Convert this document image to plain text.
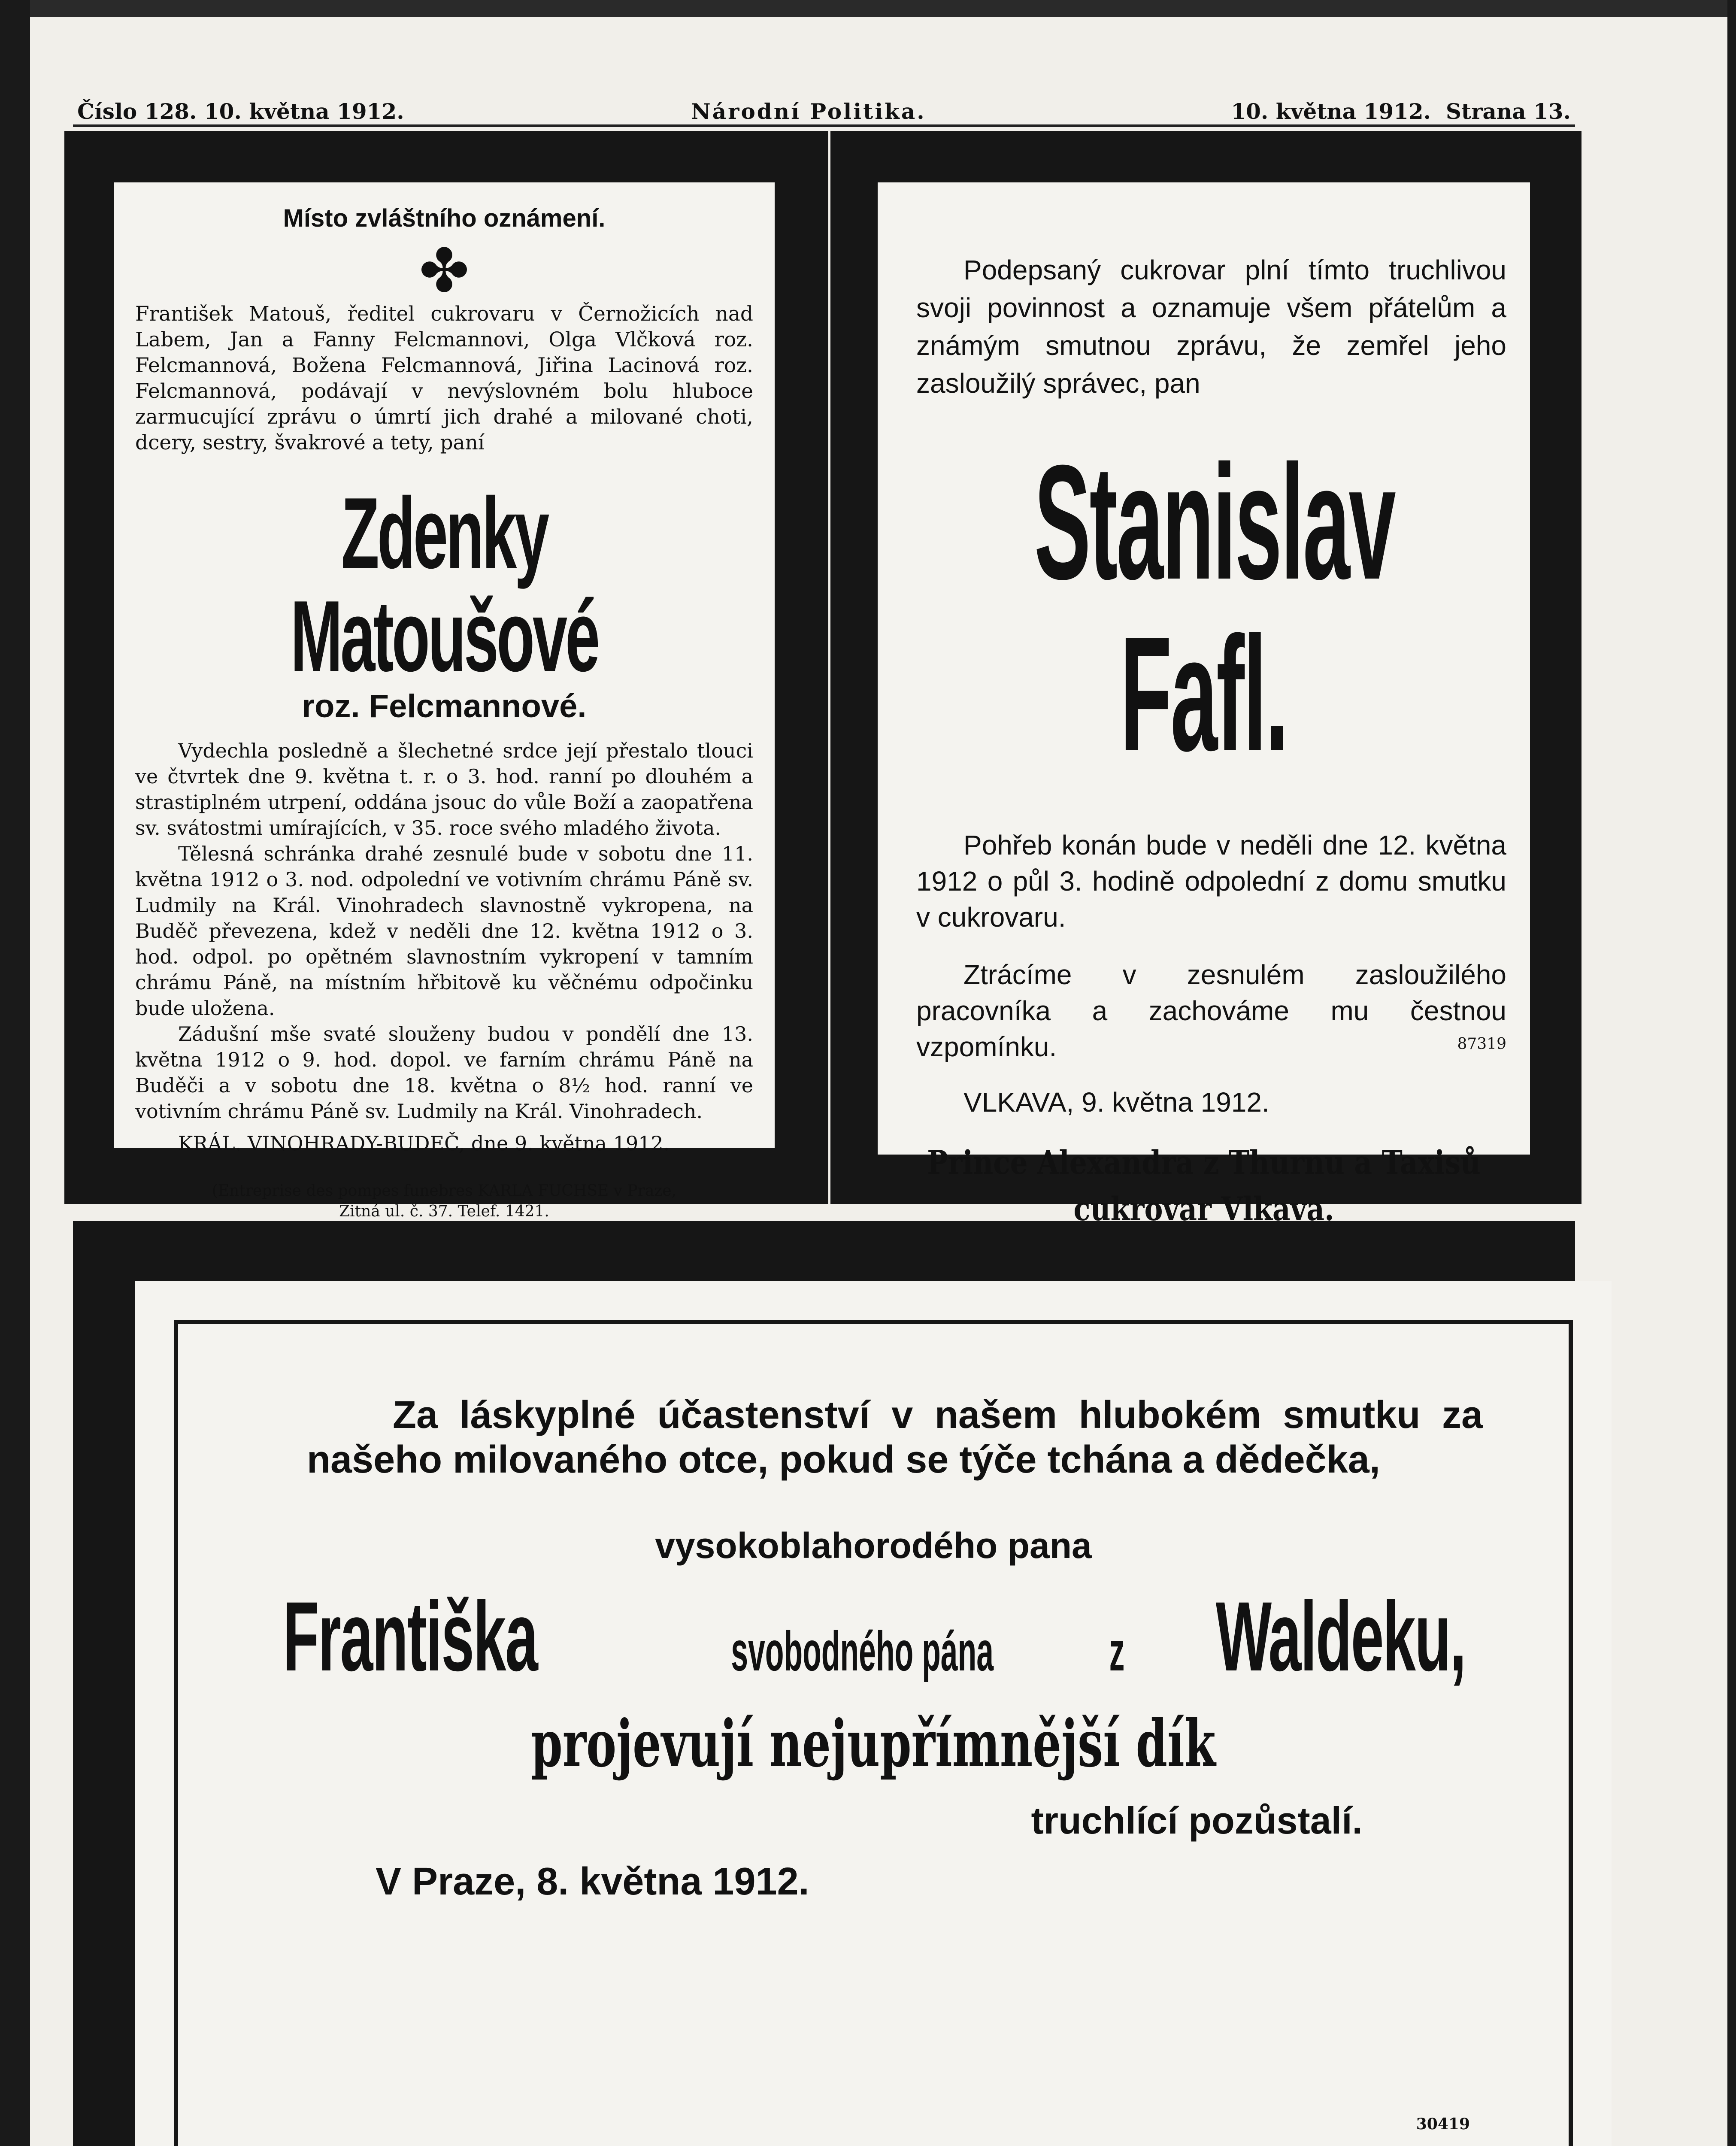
Číslo 128. 10. května 1912.	Národní Politika.	10. května 1912. Strana 13.
Místo zvláštního oznámení.
✤
František Matouš, ředitel cukrovaru v Černožicích nad Labem, Jan a Fanny Felcmannovi, Olga Vlčková roz. Felcmannová, Božena Felcmannová, Jiřina Lacinová roz. Felcmannová, podávají v nevýslovném bolu hluboce zarmucující zprávu o úmrtí jich drahé a milované choti, dcery, sestry, švakrové a tety, paní
Zdenky Matoušové
roz. Felcmannové.
Vydechla posledně a šlechetné srdce její přestalo tlouci ve čtvrtek dne 9. května t. r. o 3. hod. ranní po dlouhém a strastiplném utrpení, oddána jsouc do vůle Boží a zaopatřena sv. svátostmi umírajících, v 35. roce svého mladého života.
Tělesná schránka drahé zesnulé bude v sobotu dne 11. května 1912 o 3. nod. odpolední ve votivním chrámu Páně sv. Ludmily na Král. Vinohradech slavnostně vykropena, na Buděč převezena, kdež v neděli dne 12. května 1912 o 3. hod. odpol. po opětném slavnostním vykropení v tamním chrámu Páně, na místním hřbitově ku věčnému odpočinku bude uložena.
Zádušní mše svaté slouženy budou v pondělí dne 13. května 1912 o 9. hod. dopol. ve farním chrámu Páně na Buděči a v sobotu dne 18. května o 8½ hod. ranní ve votivním chrámu Páně sv. Ludmily na Král. Vinohradech.
KRÁL. VINOHRADY-BUDEČ, dne 9. května 1912.
(Entreprise des pompes funebres KARLA FUCHSE v Praze,
Žitná ul. č. 37. Telef. 1421.
Podepsaný cukrovar plní tímto truchlivou svoji povinnost a oznamuje všem přátelům a známým smutnou zprávu, že zemřel jeho zasloužilý správec, pan
Stanislav Fafl.
Pohřeb konán bude v neděli dne 12. května 1912 o půl 3. hodině odpolední z domu smutku v cukrovaru.
Ztrácíme v zesnulém zasloužilého pracovníka a zachováme mu čestnou vzpomínku.	87319
VLKAVA, 9. května 1912.
Prince Alexandra z Thurnu a Taxisů
cukrovar Vlkava.
Za láskyplné účastenství v našem hlubokém smutku za našeho milovaného otce, pokud se týče tchána a dědečka,
vysokoblahorodého pana
Františka	svobodného pána z Waldeku,
projevují nejupřímnější dík
truchlící pozůstalí.
V Praze, 8. května 1912.
30419
